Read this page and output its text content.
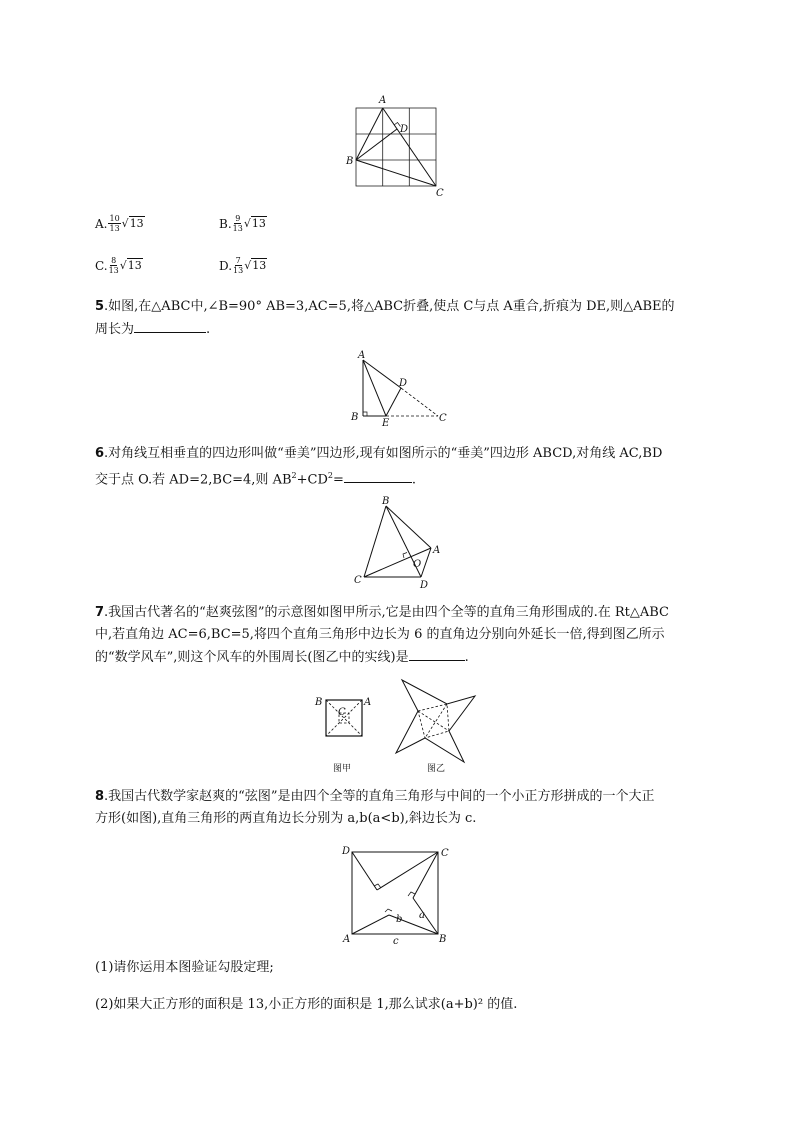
A
B
C
D
A. $\frac{10}{13} √13$	B. $\frac{9}{13} √13$
C. $\frac{8}{13} √13$	D. $\frac{7}{13} √13$
5.如图,在△ABC中,∠B=90° AB=3,AC=5,将△ABC折叠,使点 C与点 A重合,折痕为 DE,则△ABE的
周长为	.
A
B	C
D
E
6.对角线互相垂直的四边形叫做“垂美”四边形,现有如图所示的“垂美”四边形 ABCD,对角线 AC,BD
交于点 O.若 AD=2,BC=4,则 $AB^2+CD^2=$	.
B
A
C	D
O
7.我国古代著名的“赵爽弦图”的示意图如图甲所示,它是由四个全等的直角三角形围成的.在 Rt△ABC
中,若直角边 AC=6,BC=5,将四个直角三角形中边长为 6 的直角边分别向外延长一倍,得到图乙所示
的“数学风车”,则这个风车的外围周长(图乙中的实线)是	.
B	A
C
图甲	图乙
8.我国古代数学家赵爽的“弦图”是由四个全等的直角三角形与中间的一个小正方形拼成的一个大正
方形(如图),直角三角形的两直角边长分别为 a,b(a<b),斜边长为 c.
D	C
A	B
a
b
c
(1)请你运用本图验证勾股定理;
(2)如果大正方形的面积是 13,小正方形的面积是 1,那么试求(a+b)² 的值.
